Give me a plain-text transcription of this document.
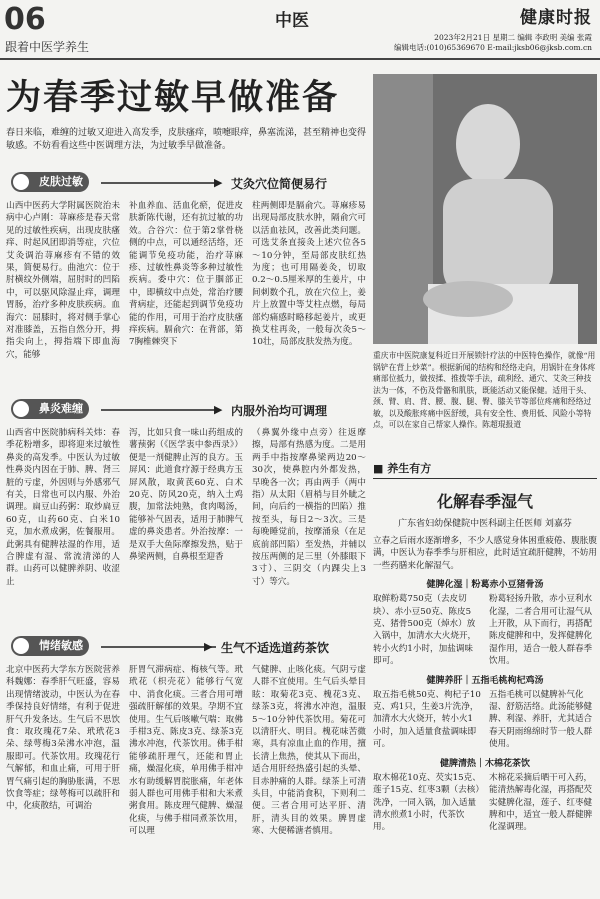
06
跟着中医学养生
中医	健康时报
2023年2月21日 星期二 编辑 李政明 美编 张霞
编辑电话:(010)65369670 E-mail:jksb06@jksb.com.cn
为春季过敏早做准备
春日来临，难缠的过敏又迎进入高发季，皮肤瘙痒，喷嚏眼痒，鼻塞流涕，甚至精神也变得敏感。不妨看看这些中医调理方法，为过敏季早做准备。
重庆市中医院康复科近日开展锁针疗法的中医特色操作，就像“用锅铲在背上炒菜”。根据新闻的结构和经络走向，用锅针在身体疼痛部位抵力，做按揉、推拨等手法，疏利经、通穴、艾灸三种技法为一体，不伤及骨骼和肌肤，既能活动又能保健。适用于头、颈、臂、肩、背、腰、腹、腿、臀、膝关节等部位疼痛和经络过敏，以及酸胀疼痛中医舒缓，具有安全性、费用低、风险小等特点，可以在家自己帮家人操作。陈超琨报道
皮肤过敏	▶ 艾灸穴位简便易行
山西中医药大学附属医院治未病中心卢刚：荨麻疹是春天常见的过敏性疾病，出现皮肤瘙痒、时起风团即消等症，穴位艾灸调治荨麻疹有不错的效果，简便易行。曲池穴：位于肘横纹外侧端，屈肘时的凹陷中，可以驱风除湿止痒，调理胃肠，治疗多种皮肤疾病。血海穴：屈膝时，将对侧手掌心对准膝盖，五指自然分开，拇指尖向上，拇指端下即血海穴，能够
补血养血、活血化瘀，促进皮肤新陈代谢，还有抗过敏的功效。合谷穴：位于第2掌骨桡侧的中点，可以通经活络，还能调节免疫功能，治疗荨麻疹、过敏性鼻炎等多种过敏性疾病。委中穴：位于腘部正中，即横纹中点处，常治疗腰背病症，还能起到调节免疫功能的作用，可用于治疗皮肤瘙痒疾病。膈俞穴：在背部，第7胸椎棘突下
柱两侧即是膈俞穴。荨麻疹易出现局部皮肤水肿，隔俞穴可以活血祛风，改善此类问题。可选艾条直接灸上述穴位各5～10分钟，至局部皮肤红热为度；也可用隔姜灸，切取0.2～0.5厘米厚的生姜片，中间刺数个孔，放在穴位上，姜片上放置中等艾柱点燃，每局部灼痛感时略移起姜片，或更换艾柱再灸，一般每次灸5～10壮，局部皮肤发热为度。
鼻炎难缠	▶ 内服外治均可调理
山西省中医院肺病科关炜：春季花粉增多，即将迎来过敏性鼻炎的高发季。中医认为过敏性鼻炎内因在于肺、脾、肾三脏的亏虚，外因则与外感邪气有关，日常也可以内服、外治调理。扁豆山药粥：取炒扁豆60克，山药60克、白米10克，加水煮成粥，佐餐服用。此粥具有健脾祛湿的作用，适合脾虚有湿、常流清涕的人群。山药可以健脾养阴、收涩止
泻，比如只食一味山药组成的薯蓣粥（《医学衷中参西录》）便是一剂健脾止泻的良方。玉屏风：此道食疗源于经典方玉屏风散，取黄芪60克、白术20克、防风20克，纳入土鸡腹，加常法炖熟，食肉喝汤，能够补气固表，适用于肺脾气虚的鼻炎患者。外治按摩：一是双手大鱼际摩擦发热，贴于鼻梁两侧，自鼻根至迎香
（鼻翼外缘中点旁）往返摩擦，局部有热感为度。二是用两手中指按摩鼻梁两边20～30次，使鼻腔内外都发热，早晚各一次；再由两手（两中指）从太阳（眉梢与目外眦之间，向后约一横指的凹陷）推按至头，每日2～3次。三是每晚睡觉前，按摩涌泉（在足底前部凹陷）至发热，并辅以按压两侧的足三里（外膝眼下3寸）、三阴交（内踝尖上3寸）等穴。
情绪敏感	▶ 生气不适选道药茶饮
北京中医药大学东方医院营养科魏娜：春季肝气旺盛，容易出现情绪波动，中医认为在春季保持良好情绪，有利于促进肝气升发条达。生气后不思饮食：取玫瑰花7朵、玳玳花3朵、绿萼梅3朵沸水冲泡，温服即可。代茶饮用。玫瑰花行气解郁，和血止痛，可用于肝胃气痛引起的胸胁胀满，不思饮食等症；绿萼梅可以疏肝和中，化痰散结，可调治
肝胃气滞病症、梅核气等。玳玳花（枳壳花）能够行气宽中、消食化痰。三者合用可增强疏肝解郁的效果。孕期不宜使用。生气后咳嗽气喘：取佛手柑3克、陈皮3克、绿茶3克沸水冲泡，代茶饮用。佛手柑能够疏肝理气，还能和胃止痛，燥湿化痰，单用佛手柑冲水有助缓解胃脘胀痛，年老体弱人群也可用佛手柑和大米煮粥食用。陈皮理气健脾、燥湿化痰，与佛手柑同煮茶饮用，可以理
气健脾、止咳化痰。气阴亏虚人群不宜使用。生气后头晕目眩：取菊花3克、槐花3克、绿茶3克，将沸水冲泡，温服5～10分钟代茶饮用。菊花可以清肝火、明目。槐花味苦微寒，具有凉血止血的作用，擅长清上焦热，使其从下而出，适合用肝经热盛引起的头晕、目赤肿痛的人群。绿茶上可清头目，中能消食积，下则利二便。三者合用可达平肝、清肝，清头目的效果。脾胃虚寒、大便稀溏者慎用。
■ 养生有方
化解春季湿气
广东省妇幼保健院中医科副主任医师 刘嘉芬
立春之后雨水逐渐增多，不少人感觉身体困重疲倦、腹胀腹满，中医认为春季季与肝相应，此时适宜疏肝健脾，不妨用一些药膳来化解湿气。
健脾化湿｜粉葛赤小豆猪骨汤
取鲜粉葛750克（去皮切块）、赤小豆50克、陈皮5克、猪骨500克（焯水）放入锅中，加清水大火烧开，转小火约1小时，加盐调味即可。
粉葛轻扬升散，赤小豆利水化湿，二者合用可让湿气从上开散，从下而行，再搭配陈皮健脾和中，发挥健脾化湿作用，适合一般人群春季饮用。
健脾养肝｜五指毛桃枸杞鸡汤
取五指毛桃50克、枸杞子10克、鸡1只，生姜3片洗净，加清水大火烧开，转小火1小时，加入适量食盐调味即可。
五指毛桃可以健脾补气化湿、舒筋活络。此汤能够健脾、利湿、养肝，尤其适合春天阴雨绵绵时节一般人群使用。
健脾清热｜木棉花茶饮
取木棉花10克、芡实15克、莲子15克、红枣3颗（去核）洗净，一同入锅，加入适量清水煎煮1小时，代茶饮用。
木棉花采摘后晒干可入药，能清热解毒化湿，再搭配芡实健脾化湿，莲子、红枣健脾和中，适宜一般人群健脾化湿调理。
